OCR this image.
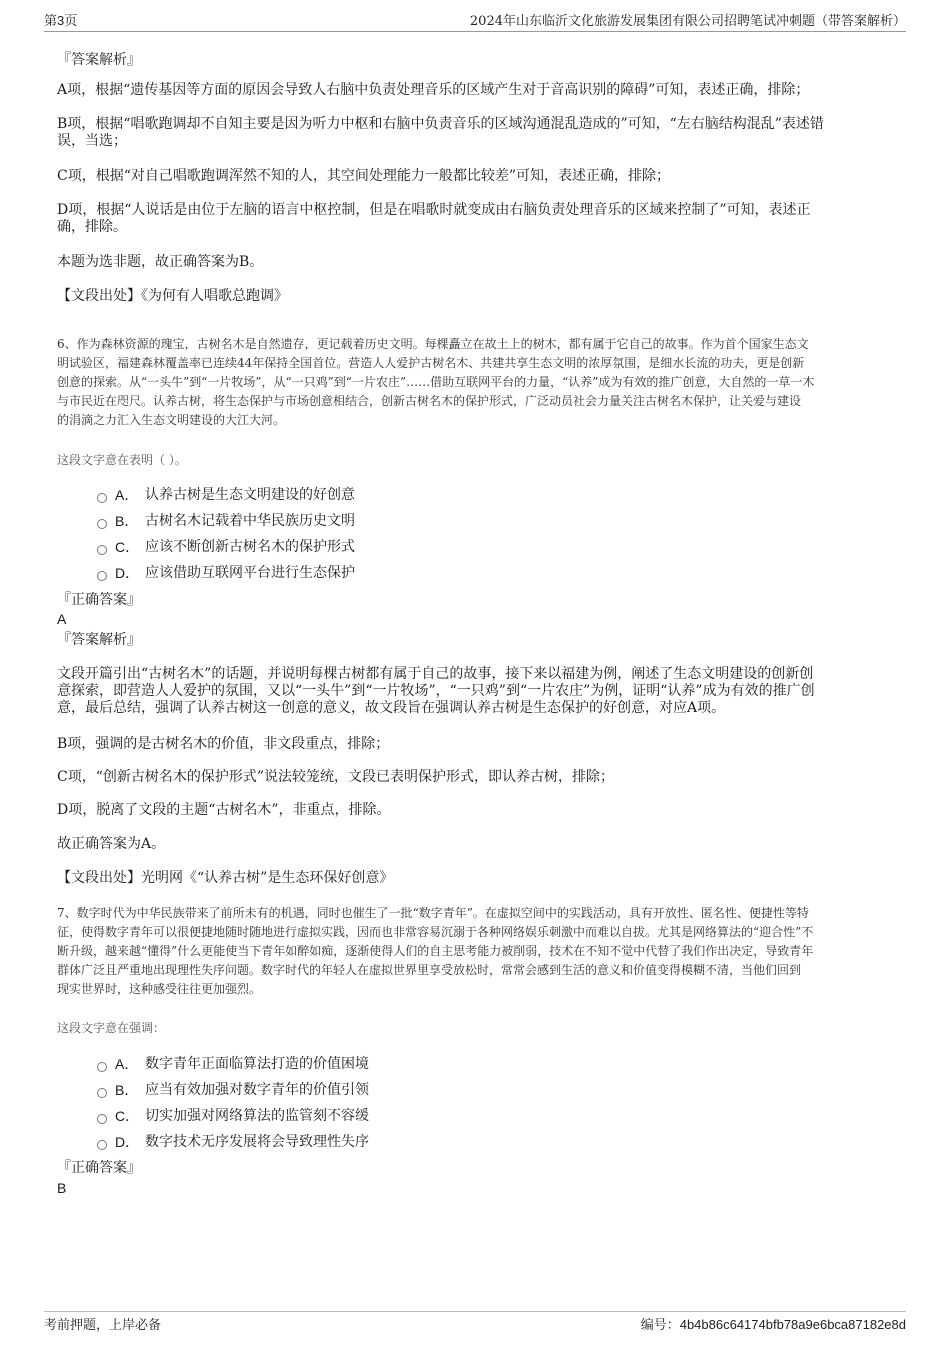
第3页	2024年山东临沂文化旅游发展集团有限公司招聘笔试冲刺题（带答案解析）
『答案解析』
A项，根据“遗传基因等方面的原因会导致人右脑中负责处理音乐的区域产生对于音高识别的障碍”可知，表述正确，排除；
B项，根据“唱歌跑调却不自知主要是因为听力中枢和右脑中负责音乐的区域沟通混乱造成的”可知，“左右脑结构混乱”表述错
误，当选；
C项，根据“对自己唱歌跑调浑然不知的人，其空间处理能力一般都比较差”可知，表述正确，排除；
D项，根据“人说话是由位于左脑的语言中枢控制，但是在唱歌时就变成由右脑负责处理音乐的区域来控制了”可知，表述正
确，排除。
本题为选非题，故正确答案为B。
【文段出处】《为何有人唱歌总跑调》
6、作为森林资源的瑰宝，古树名木是自然遗存，更记载着历史文明。每棵矗立在故土上的树木，都有属于它自己的故事。作为首个国家生态文
明试验区，福建森林覆盖率已连续44年保持全国首位。营造人人爱护古树名木、共建共享生态文明的浓厚氛围，是细水长流的功夫，更是创新
创意的探索。从“一头牛”到“一片牧场”，从“一只鸡”到“一片农庄”……借助互联网平台的力量，“认养”成为有效的推广创意，大自然的一草一木
与市民近在咫尺。认养古树，将生态保护与市场创意相结合，创新古树名木的保护形式，广泛动员社会力量关注古树名木保护，让关爱与建设
的涓滴之力汇入生态文明建设的大江大河。
这段文字意在表明（ ）。
A． 认养古树是生态文明建设的好创意
B． 古树名木记载着中华民族历史文明
C． 应该不断创新古树名木的保护形式
D． 应该借助互联网平台进行生态保护
『正确答案』
A
『答案解析』
文段开篇引出“古树名木”的话题，并说明每棵古树都有属于自己的故事，接下来以福建为例，阐述了生态文明建设的创新创
意探索，即营造人人爱护的氛围，又以“一头牛”到“一片牧场”，“一只鸡”到“一片农庄”为例，证明“认养”成为有效的推广创
意，最后总结，强调了认养古树这一创意的意义，故文段旨在强调认养古树是生态保护的好创意，对应A项。
B项，强调的是古树名木的价值，非文段重点，排除；
C项，“创新古树名木的保护形式”说法较笼统，文段已表明保护形式，即认养古树，排除；
D项，脱离了文段的主题“古树名木”，非重点，排除。
故正确答案为A。
【文段出处】光明网《“认养古树”是生态环保好创意》
7、数字时代为中华民族带来了前所未有的机遇，同时也催生了一批“数字青年”。在虚拟空间中的实践活动，具有开放性、匿名性、便捷性等特
征，使得数字青年可以很便捷地随时随地进行虚拟实践，因而也非常容易沉溺于各种网络娱乐刺激中而难以自拔。尤其是网络算法的“迎合性”不
断升级，越来越“懂得”什么更能使当下青年如醉如痴，逐渐使得人们的自主思考能力被削弱，技术在不知不觉中代替了我们作出决定，导致青年
群体广泛且严重地出现理性失序问题。数字时代的年轻人在虚拟世界里享受放松时，常常会感到生活的意义和价值变得模糊不清，当他们回到
现实世界时，这种感受往往更加强烈。
这段文字意在强调：
A． 数字青年正面临算法打造的价值困境
B． 应当有效加强对数字青年的价值引领
C． 切实加强对网络算法的监管刻不容缓
D． 数字技术无序发展将会导致理性失序
『正确答案』
B
考前押题，上岸必备	编号：4b4b86c64174bfb78a9e6bca87182e8d
